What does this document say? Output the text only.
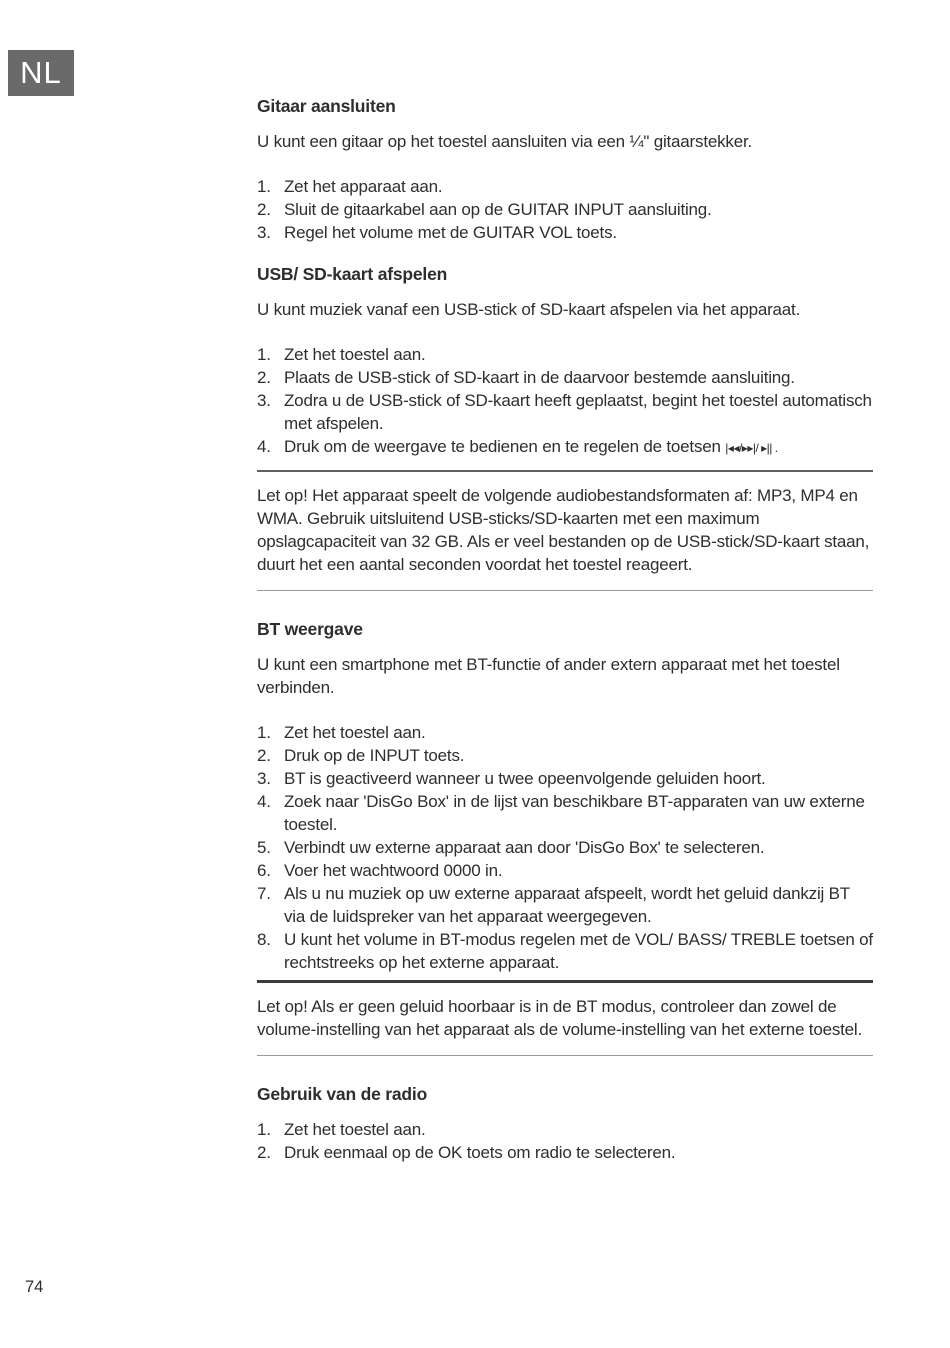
NL
Gitaar aansluiten

U kunt een gitaar op het toestel aansluiten via een ¼" gitaarstekker.

Zet het apparaat aan.
Sluit de gitaarkabel aan op de GUITAR INPUT aansluiting.
Regel het volume met de GUITAR VOL toets.
USB/ SD-kaart afspelen

U kunt muziek vanaf een USB-stick of SD-kaart afspelen via het apparaat.

Zet het toestel aan.
Plaats de USB-stick of SD-kaart in de daarvoor bestemde aansluiting.
Zodra u de USB-stick of SD-kaart heeft geplaatst, begint het toestel automatisch met afspelen.
Druk om de weergave te bedienen en te regelen de toetsen |◂◂/▸▸|/ ▸|| .
Let op! Het apparaat speelt de volgende audiobestandsformaten af: MP3, MP4 en WMA. Gebruik uitsluitend USB-sticks/SD-kaarten met een maximum opslagcapaciteit van 32 GB. Als er veel bestanden op de USB-stick/SD-kaart staan, duurt het een aantal seconden voordat het toestel reageert.
BT weergave

U kunt een smartphone met BT-functie of ander extern apparaat met het toestel verbinden.

Zet het toestel aan.
Druk op de INPUT toets.
BT is geactiveerd wanneer u twee opeenvolgende geluiden hoort.
Zoek naar 'DisGo Box' in de lijst van beschikbare BT-apparaten van uw externe toestel.
Verbindt uw externe apparaat aan door 'DisGo Box' te selecteren.
Voer het wachtwoord 0000 in.
Als u nu muziek op uw externe apparaat afspeelt, wordt het geluid dankzij BT via de luidspreker van het apparaat weergegeven.
U kunt het volume in BT-modus regelen met de VOL/ BASS/ TREBLE toetsen of rechtstreeks op het externe apparaat.
Let op! Als er geen geluid hoorbaar is in de BT modus, controleer dan zowel de volume-instelling van het apparaat als de volume-instelling van het externe toestel.
Gebruik van de radio
Zet het toestel aan.
Druk eenmaal op de OK toets om radio te selecteren.
74
